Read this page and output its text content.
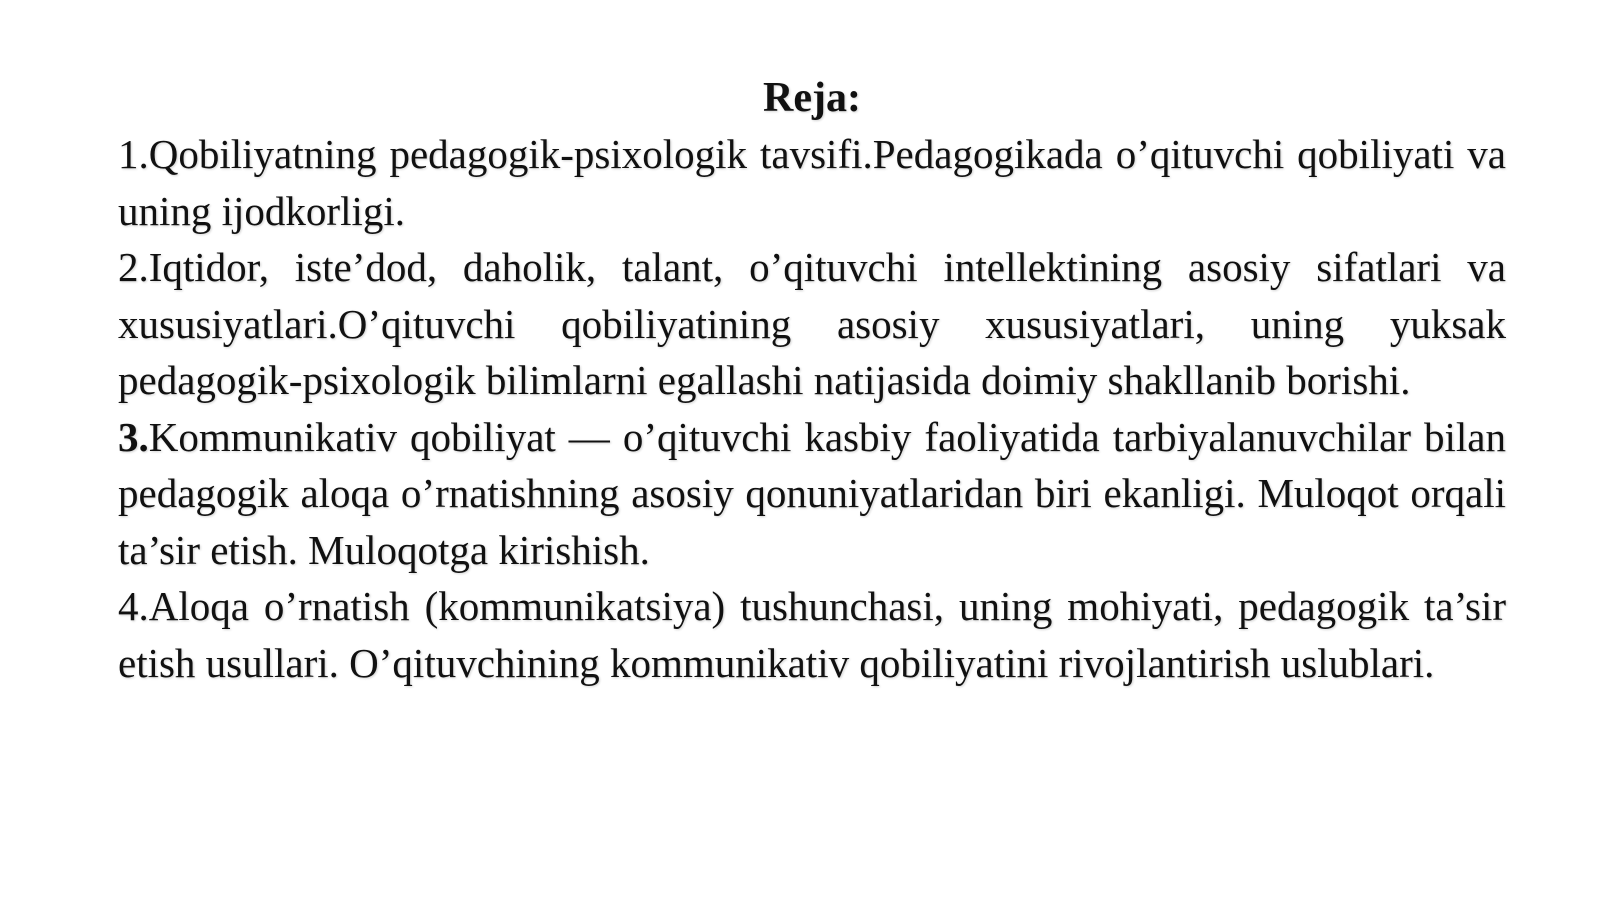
Reja:

1.Qobiliyatning pedagogik-psixologik tavsifi.Pedagogikada o’qituvchi qobiliyati va uning ijodkorligi.

2.Iqtidor, iste’dod, daholik, talant, o’qituvchi intellektining asosiy sifatlari va xususiyatlari.O’qituvchi qobiliyatining asosiy xususiyatlari, uning yuksak pedagogik-psixologik bilimlarni egallashi natijasida doimiy shakllanib borishi.

3.Kommunikativ qobiliyat — o’qituvchi kasbiy faoliyatida tarbiyalanuvchilar bilan pedagogik aloqa o’rnatishning asosiy qonuniyatlaridan biri ekanligi. Muloqot orqali ta’sir etish. Muloqotga kirishish.

4.Aloqa o’rnatish (kommunikatsiya) tushunchasi, uning mohiyati, pedagogik ta’sir etish usullari. O’qituvchining kommunikativ qobiliyatini rivojlantirish uslublari.
